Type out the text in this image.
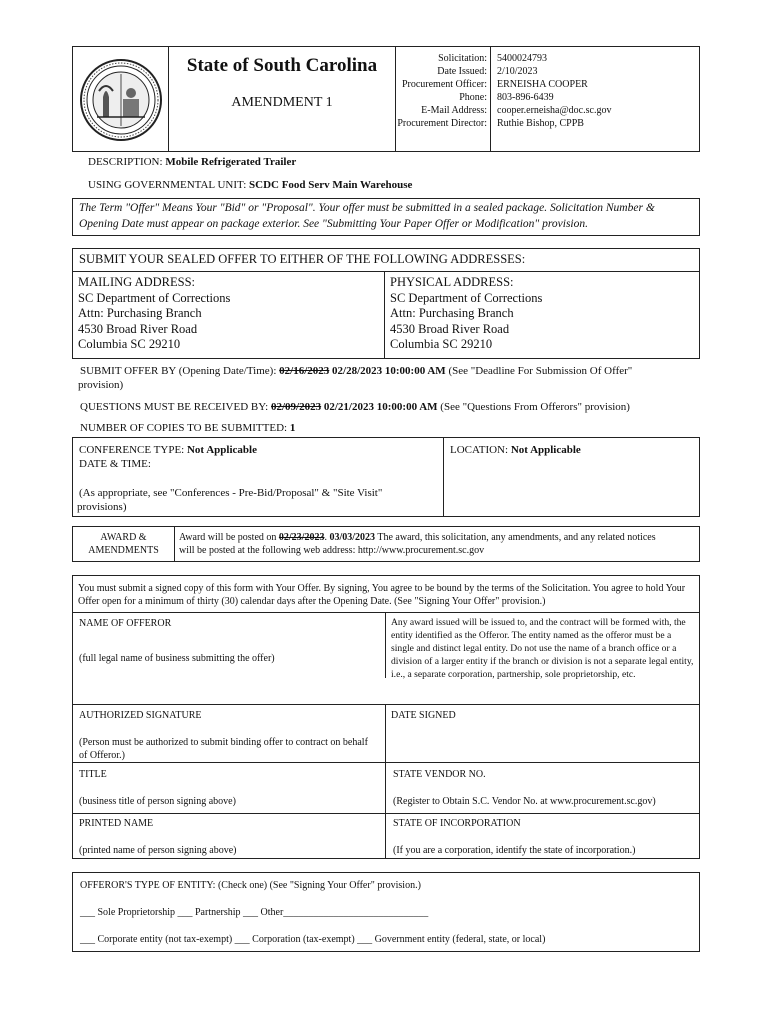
State of South Carolina
AMENDMENT 1
Solicitation:
Date Issued:
Procurement Officer:
Phone:
E-Mail Address:
Procurement Director:
5400024793
2/10/2023
ERNEISHA COOPER
803-896-6439
cooper.erneisha@doc.sc.gov
Ruthie Bishop, CPPB
DESCRIPTION: Mobile Refrigerated Trailer
USING GOVERNMENTAL UNIT: SCDC Food Serv Main Warehouse
The Term "Offer" Means Your "Bid" or "Proposal". Your offer must be submitted in a sealed package. Solicitation Number & Opening Date must appear on package exterior. See "Submitting Your Paper Offer or Modification" provision.
SUBMIT YOUR SEALED OFFER TO EITHER OF THE FOLLOWING ADDRESSES:
MAILING ADDRESS:
SC Department of Corrections
Attn: Purchasing Branch
4530 Broad River Road
Columbia SC 29210
PHYSICAL ADDRESS:
SC Department of Corrections
Attn: Purchasing Branch
4530 Broad River Road
Columbia SC 29210
SUBMIT OFFER BY (Opening Date/Time): 02/16/2023 02/28/2023 10:00:00 AM (See "Deadline For Submission Of Offer"
provision)
QUESTIONS MUST BE RECEIVED BY: 02/09/2023 02/21/2023 10:00:00 AM (See "Questions From Offerors" provision)
NUMBER OF COPIES TO BE SUBMITTED: 1
CONFERENCE TYPE: Not Applicable
DATE & TIME:
(As appropriate, see "Conferences - Pre-Bid/Proposal" & "Site Visit"
provisions)
LOCATION: Not Applicable
AWARD &
AMENDMENTS
Award will be posted on 02/23/2023. 03/03/2023 The award, this solicitation, any amendments, and any related notices
will be posted at the following web address: http://www.procurement.sc.gov
You must submit a signed copy of this form with Your Offer. By signing, You agree to be bound by the terms of the Solicitation. You agree to hold Your Offer open for a minimum of thirty (30) calendar days after the Opening Date. (See "Signing Your Offer" provision.)
NAME OF OFFEROR
(full legal name of business submitting the offer)
Any award issued will be issued to, and the contract will be formed with, the entity identified as the Offeror. The entity named as the offeror must be a single and distinct legal entity. Do not use the name of a branch office or a division of a larger entity if the branch or division is not a separate legal entity, i.e., a separate corporation, partnership, sole proprietorship, etc.
AUTHORIZED SIGNATURE
(Person must be authorized to submit binding offer to contract on behalf of Offeror.)
DATE SIGNED
TITLE
(business title of person signing above)
STATE VENDOR NO.
(Register to Obtain S.C. Vendor No. at www.procurement.sc.gov)
PRINTED NAME
(printed name of person signing above)
STATE OF INCORPORATION
(If you are a corporation, identify the state of incorporation.)
OFFEROR'S TYPE OF ENTITY: (Check one) (See "Signing Your Offer" provision.)
___ Sole Proprietorship ___ Partnership ___ Other_____________________________
___ Corporate entity (not tax-exempt) ___ Corporation (tax-exempt) ___ Government entity (federal, state, or local)
